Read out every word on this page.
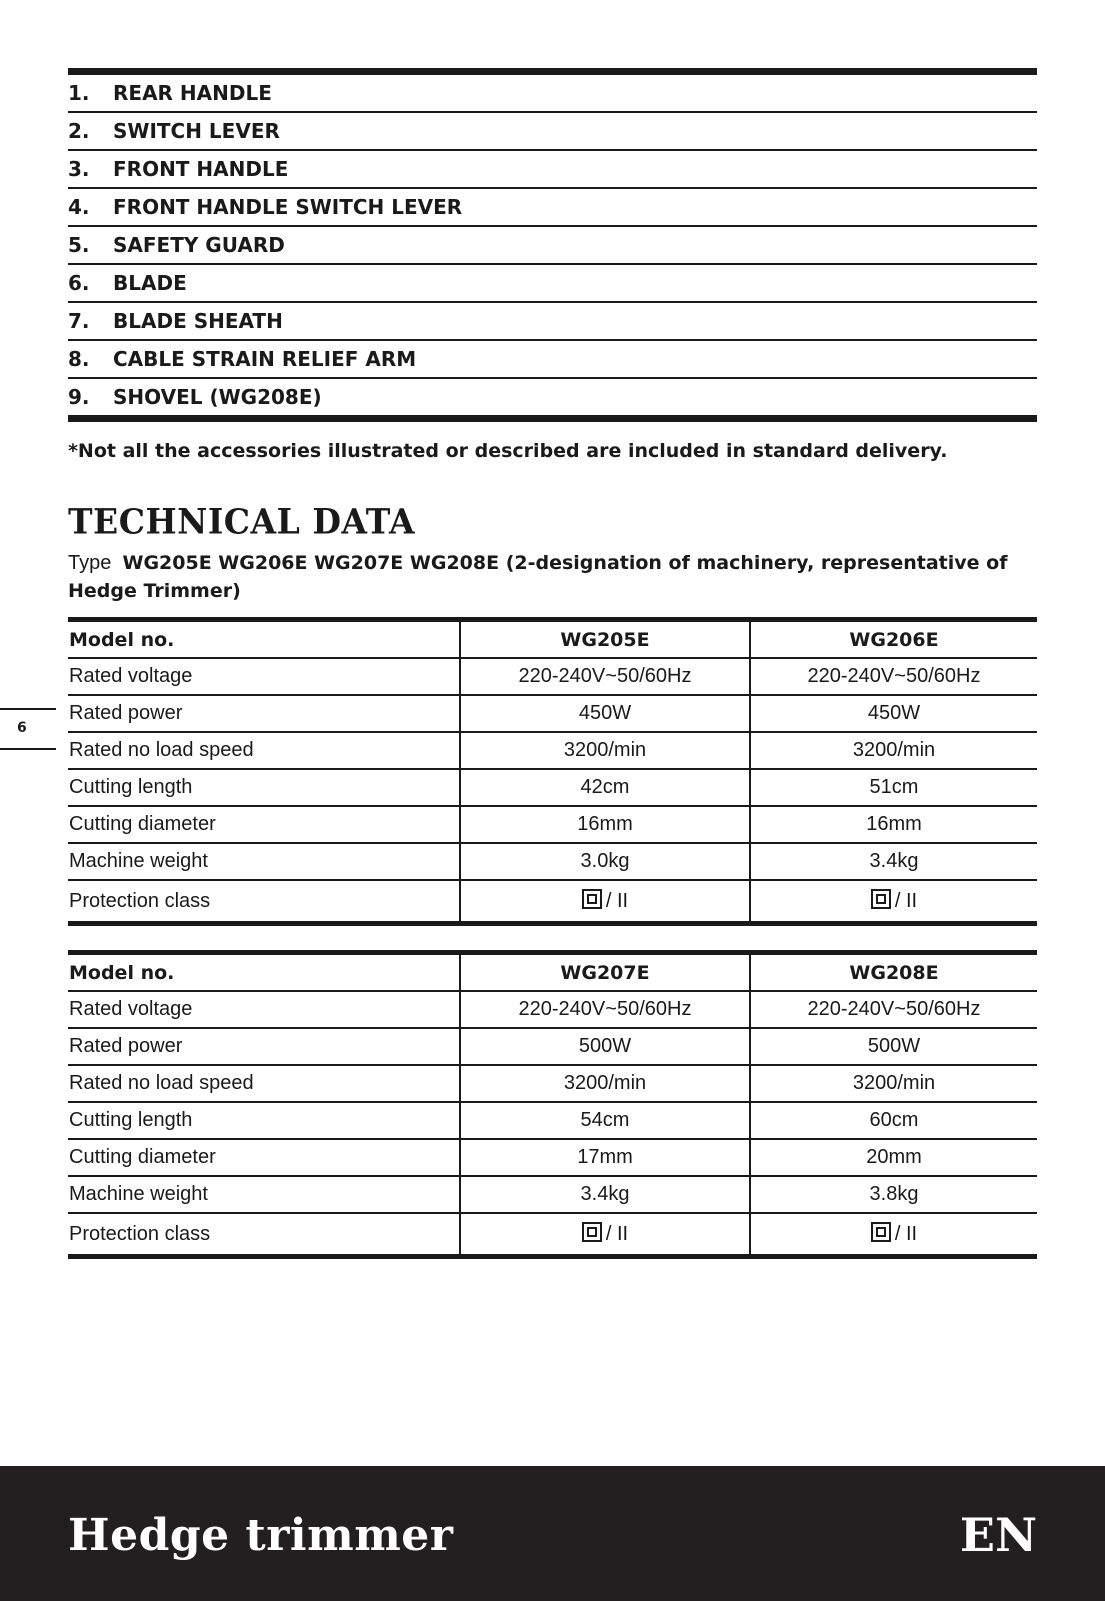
1.	REAR HANDLE
2.	SWITCH LEVER
3.	FRONT HANDLE
4.	FRONT HANDLE SWITCH LEVER
5.	SAFETY GUARD
6.	BLADE
7.	BLADE SHEATH
8.	CABLE STRAIN RELIEF ARM
9.	SHOVEL (WG208E)
*Not all the accessories illustrated or described are included in standard delivery.
TECHNICAL DATA
Type WG205E WG206E WG207E WG208E (2-designation of machinery, representative of Hedge Trimmer)
Model no.	WG205E	WG206E
Rated voltage	220-240V~50/60Hz	220-240V~50/60Hz
Rated power	450W	450W
Rated no load speed	3200/min	3200/min
Cutting length	42cm	51cm
Cutting diameter	16mm	16mm
Machine weight	3.0kg	3.4kg
Protection class	/ II	/ II
Model no.	WG207E	WG208E
Rated voltage	220-240V~50/60Hz	220-240V~50/60Hz
Rated power	500W	500W
Rated no load speed	3200/min	3200/min
Cutting length	54cm	60cm
Cutting diameter	17mm	20mm
Machine weight	3.4kg	3.8kg
Protection class	/ II	/ II
6
Hedge trimmer	EN
